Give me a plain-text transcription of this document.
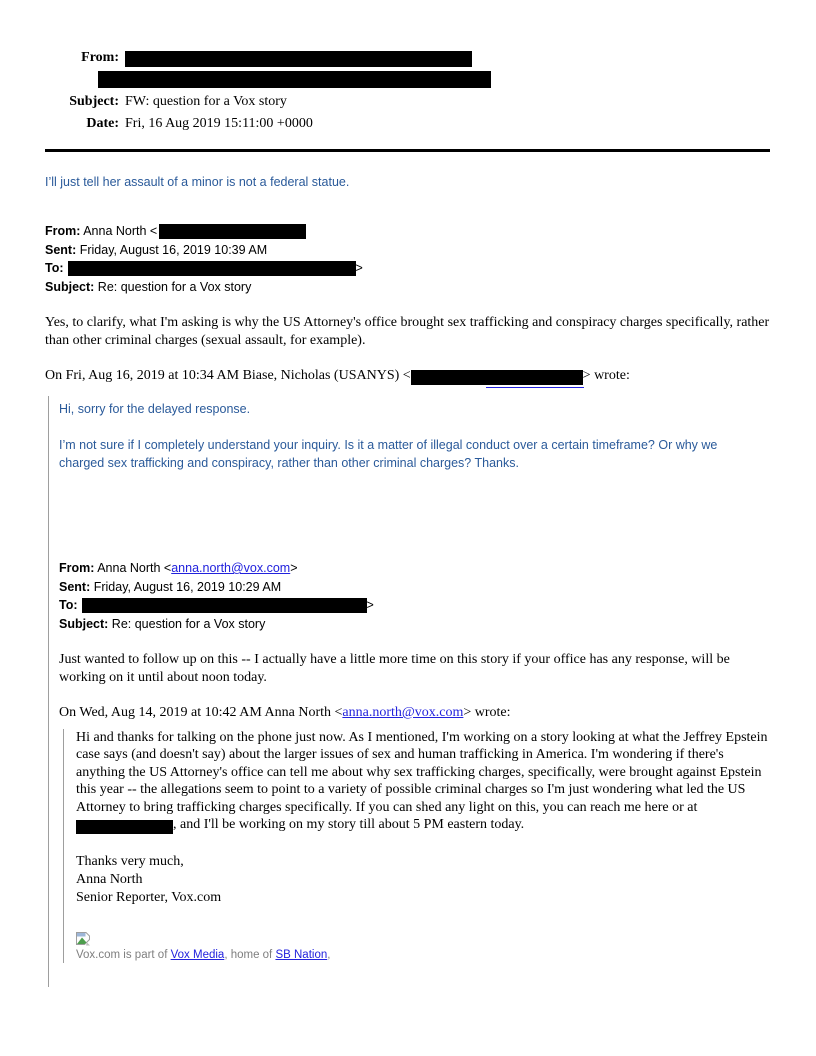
From:
Subject: FW: question for a Vox story
Date: Fri, 16 Aug 2019 15:11:00 +0000
I’ll just tell her assault of a minor is not a federal statue.
From: Anna North <
Sent: Friday, August 16, 2019 10:39 AM
To:	>
Subject: Re: question for a Vox story

Yes, to clarify, what I'm asking is why the US Attorney's office brought sex trafficking and conspiracy charges specifically, rather than other criminal charges (sexual assault, for example).

On Fri, Aug 16, 2019 at 10:34 AM Biase, Nicholas (USANYS) <	> wrote:

Hi, sorry for the delayed response.
I’m not sure if I completely understand your inquiry. Is it a matter of illegal conduct over a certain timeframe? Or why we charged sex trafficking and conspiracy, rather than other criminal charges? Thanks.
From: Anna North <anna.north@vox.com>
Sent: Friday, August 16, 2019 10:29 AM
To:	>
Subject: Re: question for a Vox story

Just wanted to follow up on this -- I actually have a little more time on this story if your office has any response, will be working on it until about noon today.

On Wed, Aug 14, 2019 at 10:42 AM Anna North <anna.north@vox.com> wrote:

Hi and thanks for talking on the phone just now. As I mentioned, I'm working on a story looking at what the Jeffrey Epstein case says (and doesn't say) about the larger issues of sex and human trafficking in America. I'm wondering if there's anything the US Attorney's office can tell me about why sex trafficking charges, specifically, were brought against Epstein this year -- the allegations seem to point to a variety of possible criminal charges so I'm just wondering what led the US Attorney to bring trafficking charges specifically. If you can shed any light on this, you can reach me here or at , and I'll be working on my story till about 5 PM eastern today.

Thanks very much,
Anna North
Senior Reporter, Vox.com
Vox.com is part of Vox Media, home of SB Nation,
